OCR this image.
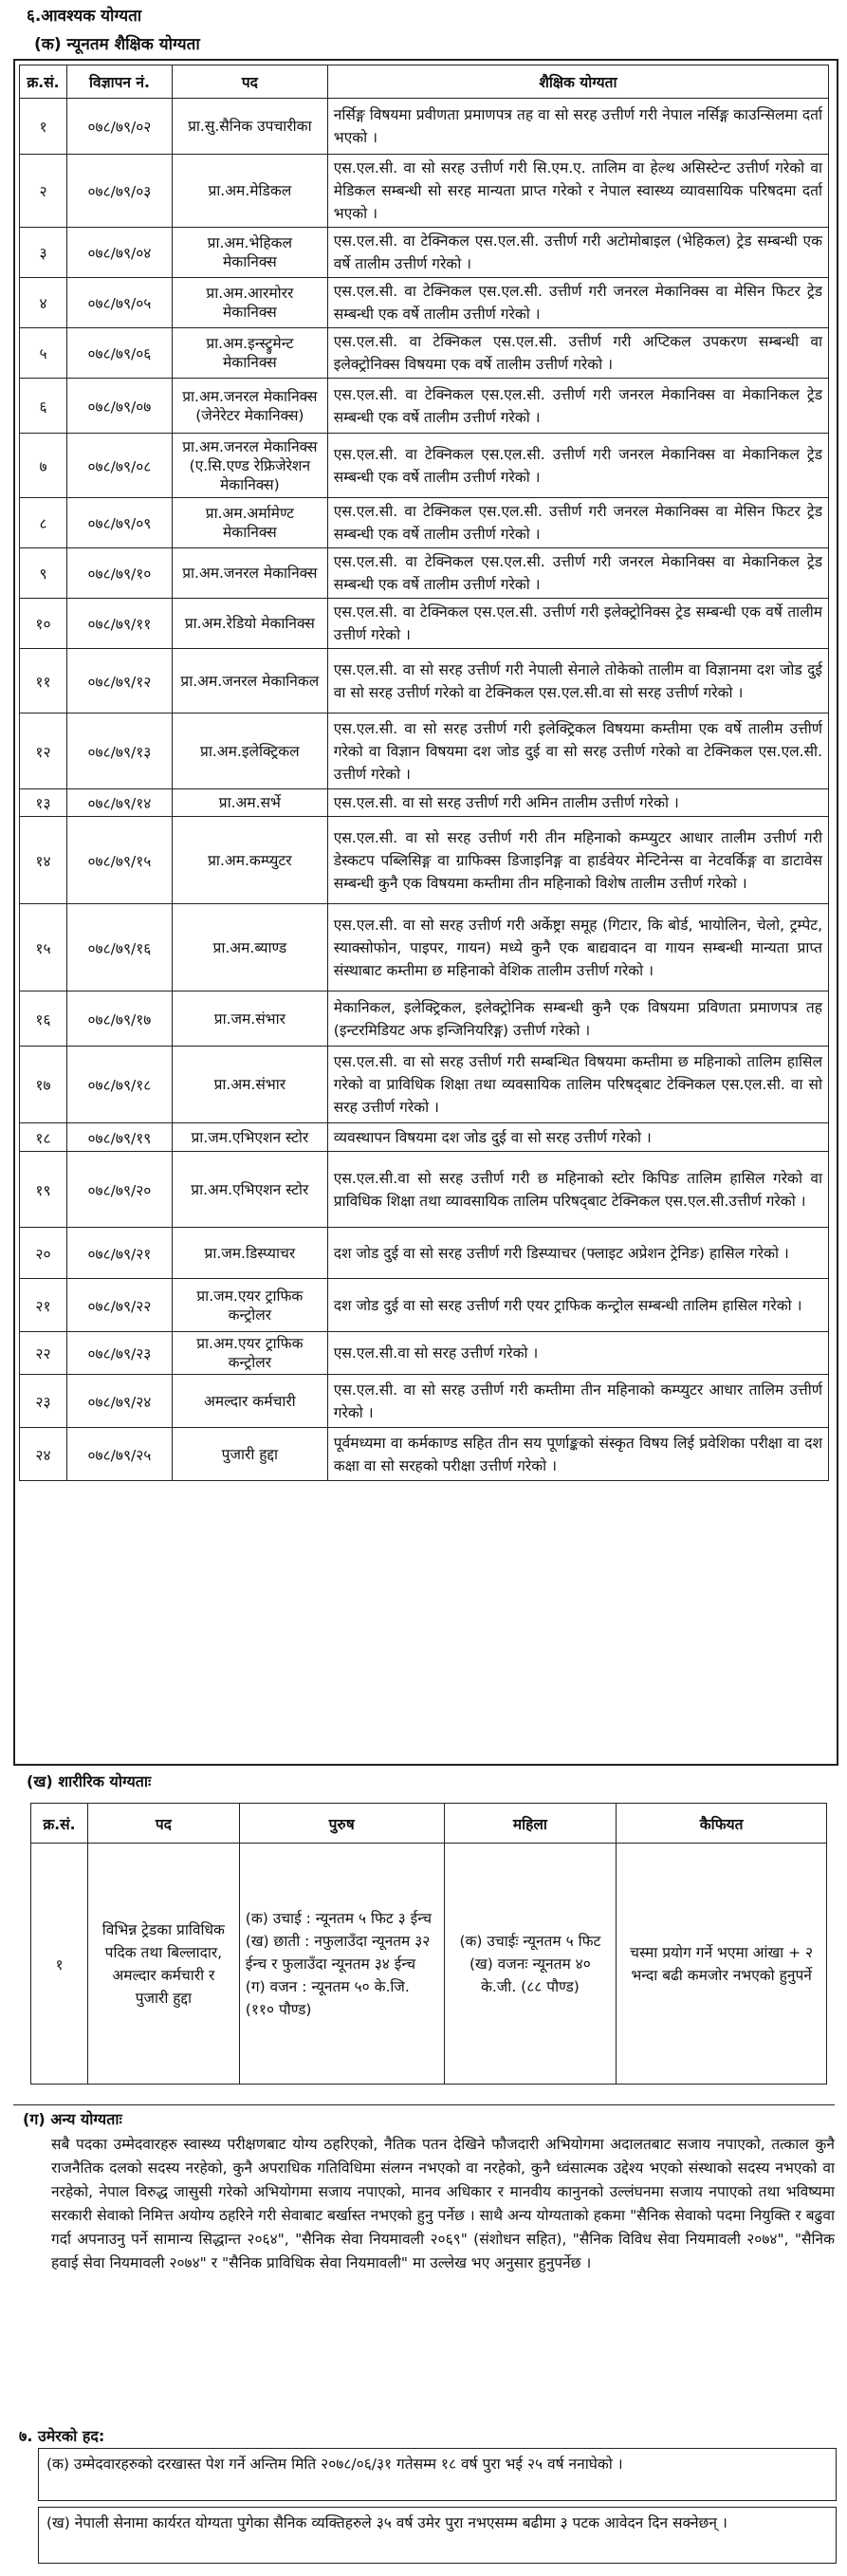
६.आवश्यक योग्यता
(क) न्यूनतम शैक्षिक योग्यता
क्र.सं.	विज्ञापन नं.	पद	शैक्षिक योग्यता
१	०७८/७९/०२	प्रा.सु.सैनिक उपचारीका	नर्सिङ्ग विषयमा प्रवीणता प्रमाणपत्र तह वा सो सरह उत्तीर्ण गरी नेपाल नर्सिङ्ग काउन्सिलमा दर्ता भएको ।
२	०७८/७९/०३	प्रा.अम.मेडिकल	एस.एल.सी. वा सो सरह उत्तीर्ण गरी सि.एम.ए. तालिम वा हेल्थ असिस्टेन्ट उत्तीर्ण गरेको वा मेडिकल सम्बन्धी सो सरह मान्यता प्राप्त गरेको र नेपाल स्वास्थ्य व्यावसायिक परिषदमा दर्ता भएको ।
३	०७८/७९/०४	प्रा.अम.भेहिकल मेकानिक्स	एस.एल.सी. वा टेक्निकल एस.एल.सी. उत्तीर्ण गरी अटोमोबाइल (भेहिकल) ट्रेड सम्बन्धी एक वर्षे तालीम उत्तीर्ण गरेको ।
४	०७८/७९/०५	प्रा.अम.आरमोरर मेकानिक्स	एस.एल.सी. वा टेक्निकल एस.एल.सी. उत्तीर्ण गरी जनरल मेकानिक्स वा मेसिन फिटर ट्रेड सम्बन्धी एक वर्षे तालीम उत्तीर्ण गरेको ।
५	०७८/७९/०६	प्रा.अम.इन्स्ट्रुमेन्ट मेकानिक्स	एस.एल.सी. वा टेक्निकल एस.एल.सी. उत्तीर्ण गरी अप्टिकल उपकरण सम्बन्धी वा इलेक्ट्रोनिक्स विषयमा एक वर्षे तालीम उत्तीर्ण गरेको ।
६	०७८/७९/०७	प्रा.अम.जनरल मेकानिक्स (जेनेरेटर मेकानिक्स)	एस.एल.सी. वा टेक्निकल एस.एल.सी. उत्तीर्ण गरी जनरल मेकानिक्स वा मेकानिकल ट्रेड सम्बन्धी एक वर्षे तालीम उत्तीर्ण गरेको ।
७	०७८/७९/०८	प्रा.अम.जनरल मेकानिक्स (ए.सि.एण्ड रेफ्रिजेरेशन मेकानिक्स)	एस.एल.सी. वा टेक्निकल एस.एल.सी. उत्तीर्ण गरी जनरल मेकानिक्स वा मेकानिकल ट्रेड सम्बन्धी एक वर्षे तालीम उत्तीर्ण गरेको ।
८	०७८/७९/०९	प्रा.अम.अर्मामेण्ट मेकानिक्स	एस.एल.सी. वा टेक्निकल एस.एल.सी. उत्तीर्ण गरी जनरल मेकानिक्स वा मेसिन फिटर ट्रेड सम्बन्धी एक वर्षे तालीम उत्तीर्ण गरेको ।
९	०७८/७९/१०	प्रा.अम.जनरल मेकानिक्स	एस.एल.सी. वा टेक्निकल एस.एल.सी. उत्तीर्ण गरी जनरल मेकानिक्स वा मेकानिकल ट्रेड सम्बन्धी एक वर्षे तालीम उत्तीर्ण गरेको ।
१०	०७८/७९/११	प्रा.अम.रेडियो मेकानिक्स	एस.एल.सी. वा टेक्निकल एस.एल.सी. उत्तीर्ण गरी इलेक्ट्रोनिक्स ट्रेड सम्बन्धी एक वर्षे तालीम उत्तीर्ण गरेको ।
११	०७८/७९/१२	प्रा.अम.जनरल मेकानिकल	एस.एल.सी. वा सो सरह उत्तीर्ण गरी नेपाली सेनाले तोकेको तालीम वा विज्ञानमा दश जोड दुई वा सो सरह उत्तीर्ण गरेको वा टेक्निकल एस.एल.सी.वा सो सरह उत्तीर्ण गरेको ।
१२	०७८/७९/१३	प्रा.अम.इलेक्ट्रिकल	एस.एल.सी. वा सो सरह उत्तीर्ण गरी इलेक्ट्रिकल विषयमा कम्तीमा एक वर्षे तालीम उत्तीर्ण गरेको वा विज्ञान विषयमा दश जोड दुई वा सो सरह उत्तीर्ण गरेको वा टेक्निकल एस.एल.सी. उत्तीर्ण गरेको ।
१३	०७८/७९/१४	प्रा.अम.सर्भे	एस.एल.सी. वा सो सरह उत्तीर्ण गरी अमिन तालीम उत्तीर्ण गरेको ।
१४	०७८/७९/१५	प्रा.अम.कम्प्युटर	एस.एल.सी. वा सो सरह उत्तीर्ण गरी तीन महिनाको कम्प्युटर आधार तालीम उत्तीर्ण गरी डेस्कटप पब्लिसिङ्ग वा ग्राफिक्स डिजाइनिङ्ग वा हार्डवेयर मेन्टिनेन्स वा नेटवर्किङ्ग वा डाटावेस सम्बन्धी कुनै एक विषयमा कम्तीमा तीन महिनाको विशेष तालीम उत्तीर्ण गरेको ।
१५	०७८/७९/१६	प्रा.अम.ब्याण्ड	एस.एल.सी. वा सो सरह उत्तीर्ण गरी अर्केष्ट्रा समूह (गिटार, कि बोर्ड, भायोलिन, चेलो, ट्रम्पेट, स्याक्सोफोन, पाइपर, गायन) मध्ये कुनै एक बाद्यवादन वा गायन सम्बन्धी मान्यता प्राप्त संस्थाबाट कम्तीमा छ महिनाको वेशिक तालीम उत्तीर्ण गरेको ।
१६	०७८/७९/१७	प्रा.जम.संभार	मेकानिकल, इलेक्ट्रिकल, इलेक्ट्रोनिक सम्बन्धी कुनै एक विषयमा प्रविणता प्रमाणपत्र तह (इन्टरमिडियट अफ इन्जिनियरिङ्ग) उत्तीर्ण गरेको ।
१७	०७८/७९/१८	प्रा.अम.संभार	एस.एल.सी. वा सो सरह उत्तीर्ण गरी सम्बन्धित विषयमा कम्तीमा छ महिनाको तालिम हासिल गरेको वा प्राविधिक शिक्षा तथा व्यवसायिक तालिम परिषद्‌बाट टेक्निकल एस.एल.सी. वा सो सरह उत्तीर्ण गरेको ।
१८	०७८/७९/१९	प्रा.जम.एभिएशन स्टोर	व्यवस्थापन विषयमा दश जोड दुई वा सो सरह उत्तीर्ण गरेको ।
१९	०७८/७९/२०	प्रा.अम.एभिएशन स्टोर	एस.एल.सी.वा सो सरह उत्तीर्ण गरी छ महिनाको स्टोर किपिङ तालिम हासिल गरेको वा प्राविधिक शिक्षा तथा व्यावसायिक तालिम परिषद्‌बाट टेक्निकल एस.एल.सी.उत्तीर्ण गरेको ।
२०	०७८/७९/२१	प्रा.जम.डिस्प्याचर	दश जोड दुई वा सो सरह उत्तीर्ण गरी डिस्प्याचर (फ्लाइट अप्रेशन ट्रेनिङ) हासिल गरेको ।
२१	०७८/७९/२२	प्रा.जम.एयर ट्राफिक कन्ट्रोलर	दश जोड दुई वा सो सरह उत्तीर्ण गरी एयर ट्राफिक कन्ट्रोल सम्बन्धी तालिम हासिल गरेको ।
२२	०७८/७९/२३	प्रा.अम.एयर ट्राफिक कन्ट्रोलर	एस.एल.सी.वा सो सरह उत्तीर्ण गरेको ।
२३	०७८/७९/२४	अमल्दार कर्मचारी	एस.एल.सी. वा सो सरह उत्तीर्ण गरी कम्तीमा तीन महिनाको कम्प्युटर आधार तालिम उत्तीर्ण गरेको ।
२४	०७८/७९/२५	पुजारी हुद्दा	पूर्वमध्यमा वा कर्मकाण्ड सहित तीन सय पूर्णाङ्कको संस्कृत विषय लिई प्रवेशिका परीक्षा वा दश कक्षा वा सो सरहको परीक्षा उत्तीर्ण गरेको ।
(ख) शारीरिक योग्यताः
क्र.सं.	पद	पुरुष	महिला	कैफियत
१	विभिन्न ट्रेडका प्राविधिक पदिक तथा बिल्लादार, अमल्दार कर्मचारी र पुजारी हुद्दा	(क) उचाई : न्यूनतम ५ फिट ३ ईन्च
(ख) छाती : नफुलाउँदा न्यूनतम ३२ ईन्च र फुलाउँदा न्यूनतम ३४ ईन्च
(ग) वजन : न्यूनतम ५० के.जि. (११० पौण्ड)	(क) उचाईः न्यूनतम ५ फिट (ख) वजनः न्यूनतम ४० के.जी. (८८ पौण्ड)	चस्मा प्रयोग गर्ने भएमा आंखा + २ भन्दा बढी कमजोर नभएको हुनुपर्ने
(ग) अन्य योग्यताः
सबै पदका उम्मेदवारहरु स्वास्थ्य परीक्षणबाट योग्य ठहरिएको, नैतिक पतन देखिने फौजदारी अभियोगमा अदालतबाट सजाय नपाएको, तत्काल कुनै राजनैतिक दलको सदस्य नरहेको, कुनै अपराधिक गतिविधिमा संलग्न नभएको वा नरहेको, कुनै ध्वंसात्मक उद्देश्य भएको संस्थाको सदस्य नभएको वा नरहेको, नेपाल विरुद्ध जासुसी गरेको अभियोगमा सजाय नपाएको, मानव अधिकार र मानवीय कानुनको उल्लंघनमा सजाय नपाएको तथा भविष्यमा सरकारी सेवाको निमित्त अयोग्य ठहरिने गरी सेवाबाट बर्खास्त नभएको हुनु पर्नेछ । साथै अन्य योग्यताको हकमा "सैनिक सेवाको पदमा नियुक्ति र बढुवा गर्दा अपनाउनु पर्ने सामान्य सिद्धान्त २०६४", "सैनिक सेवा नियमावली २०६९" (संशोधन सहित), "सैनिक विविध सेवा नियमावली २०७४", "सैनिक हवाई सेवा नियमावली २०७४" र "सैनिक प्राविधिक सेवा नियमावली" मा उल्लेख भए अनुसार हुनुपर्नेछ ।
७. उमेरको हद:
(क) उम्मेदवारहरुको दरखास्त पेश गर्ने अन्तिम मिति २०७८/०६/३१ गतेसम्म १८ वर्ष पुरा भई २५ वर्ष ननाघेको ।
(ख) नेपाली सेनामा कार्यरत योग्यता पुगेका सैनिक व्यक्तिहरुले ३५ वर्ष उमेर पुरा नभएसम्म बढीमा ३ पटक आवेदन दिन सक्नेछन् ।
